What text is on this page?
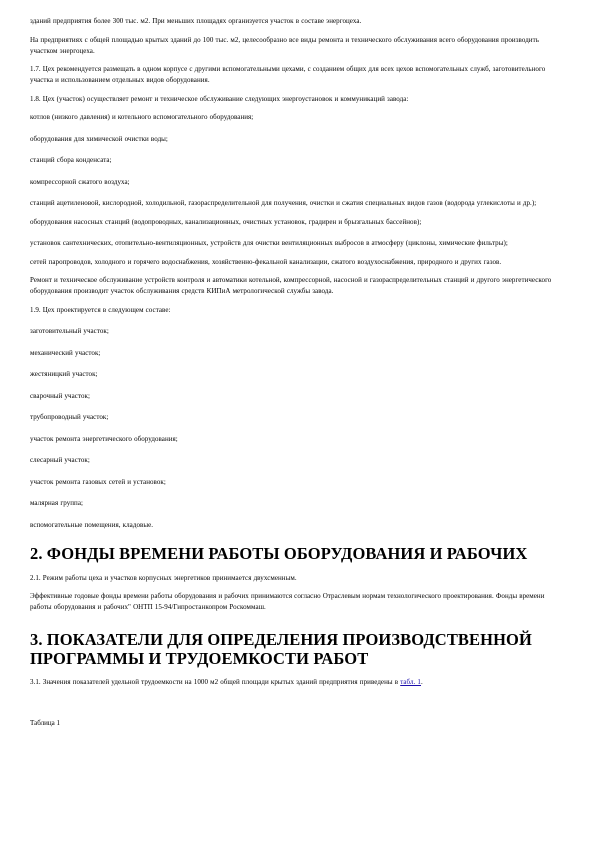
зданий предприятия более 300 тыс. м2. При меньших площадях организуется участок в составе энергоцеха.

На предприятиях с общей площадью крытых зданий до 100 тыс. м2, целесообразно все виды ремонта и технического обслуживания всего оборудования производить участком энергоцеха.

1.7. Цех рекомендуется размещать в одном корпусе с другими вспомогательными цехами, с созданием общих для всех цехов вспомогательных служб, заготовительного участка и использованием отдельных видов оборудования.

1.8. Цех (участок) осуществляет ремонт и техническое обслуживание следующих энергоустановок и коммуникаций завода:

котлов (низкого давления) и котельного вспомогательного оборудования;

оборудования для химической очистки воды;

станций сбора конденсата;

компрессорной сжатого воздуха;

станций ацетиленовой, кислородной, холодильной, газораспределительной для получения, очистки и сжатия специальных видов газов (водорода углекислоты и др.);

оборудования насосных станций (водопроводных, канализационных, очистных установок, градирен и брызгальных бассейнов);

установок сантехнических, отопительно-вентиляционных, устройств для очистки вентиляционных выбросов в атмосферу (циклоны, химические фильтры);

сетей паропроводов, холодного и горячего водоснабжения, хозяйственно-фекальной канализации, сжатого воздухоснабжения, природного и других газов.

Ремонт и техническое обслуживание устройств контроля и автоматики котельной, компрессорной, насосной и газораспределительных станций и другого энергетического оборудования производит участок обслуживания средств КИПиА метрологической службы завода.

1.9. Цех проектируется в следующем составе:

заготовительный участок;

механический участок;

жестяницкий участок;

сварочный участок;

трубопроводный участок;

участок ремонта энергетического оборудования;

слесарный участок;

участок ремонта газовых сетей и установок;

малярная группа;

вспомогательные помещения, кладовые.

2. ФОНДЫ ВРЕМЕНИ РАБОТЫ ОБОРУДОВАНИЯ И РАБОЧИХ

2.1. Режим работы цеха и участков корпусных энергетиков принимается двухсменным.

Эффективные годовые фонды времени работы оборудования и рабочих принимаются согласно Отраслевым нормам технологического проектирования. Фонды времени работы оборудования и рабочих" ОНТП 15-94/Гипростанкопром Роскоммаш.

3. ПОКАЗАТЕЛИ ДЛЯ ОПРЕДЕЛЕНИЯ ПРОИЗВОДСТВЕННОЙ
ПРОГРАММЫ И ТРУДОЕМКОСТИ РАБОТ

3.1. Значения показателей удельной трудоемкости на 1000 м2 общей площади крытых зданий предприятия приведены в табл. 1.

Таблица 1
